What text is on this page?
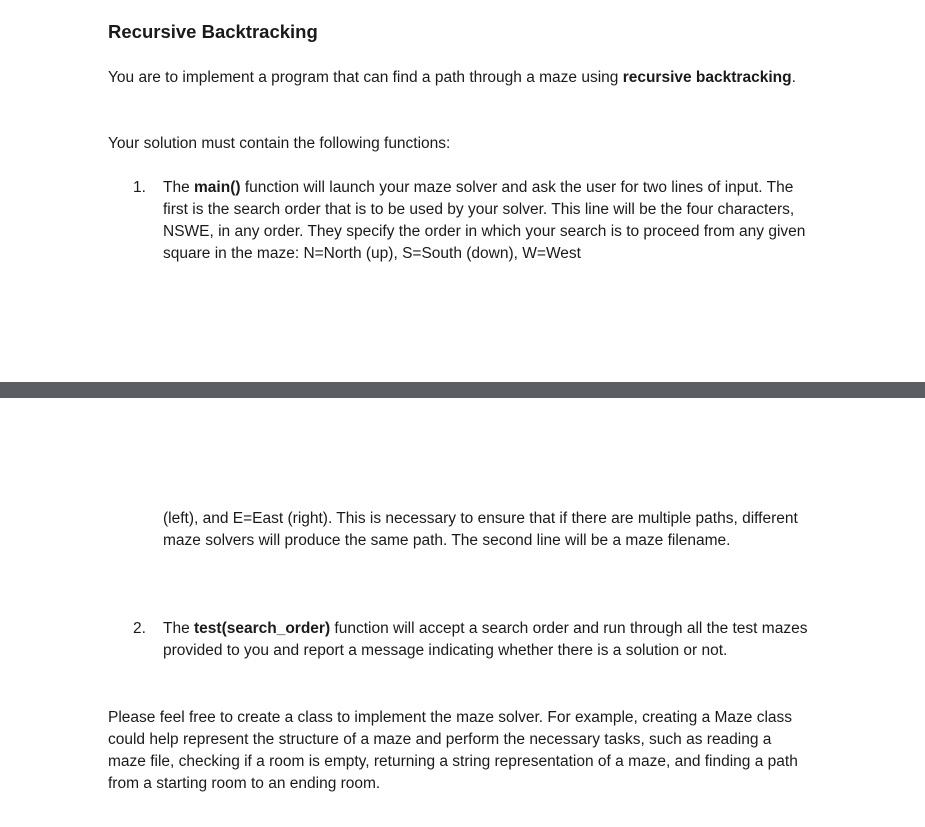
Recursive Backtracking

You are to implement a program that can find a path through a maze using recursive backtracking.

Your solution must contain the following functions:

1. The main() function will launch your maze solver and ask the user for two lines of input. The first is the search order that is to be used by your solver. This line will be the four characters, NSWE, in any order. They specify the order in which your search is to proceed from any given square in the maze: N=North (up), S=South (down), W=West

(left), and E=East (right). This is necessary to ensure that if there are multiple paths, different maze solvers will produce the same path. The second line will be a maze filename.

2. The test(search_order) function will accept a search order and run through all the test mazes provided to you and report a message indicating whether there is a solution or not.

Please feel free to create a class to implement the maze solver. For example, creating a Maze class could help represent the structure of a maze and perform the necessary tasks, such as reading a maze file, checking if a room is empty, returning a string representation of a maze, and finding a path from a starting room to an ending room.
